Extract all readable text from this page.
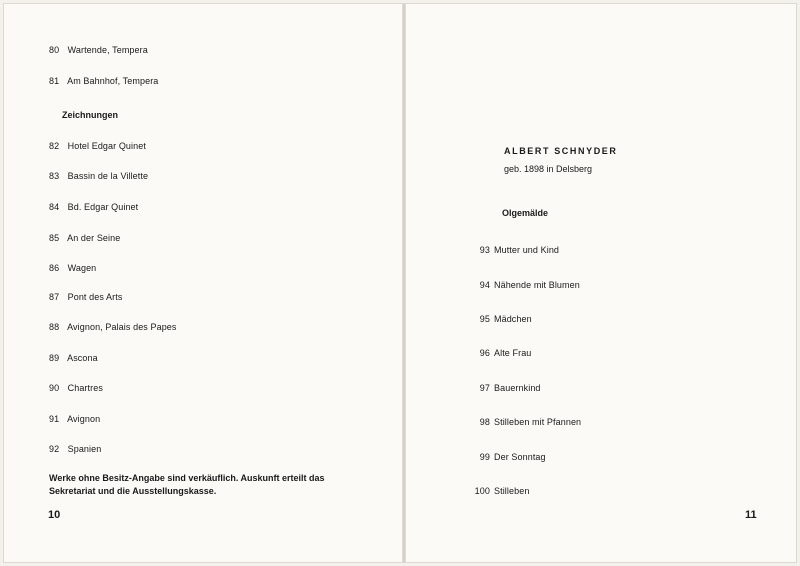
80 Wartende, Tempera
81 Am Bahnhof, Tempera
Zeichnungen
82 Hotel Edgar Quinet
83 Bassin de la Villette
84 Bd. Edgar Quinet
85 An der Seine
86 Wagen
87 Pont des Arts
88 Avignon, Palais des Papes
89 Ascona
90 Chartres
91 Avignon
92 Spanien
Werke ohne Besitz-Angabe sind verkäuflich. Auskunft erteilt das Sekretariat und die Ausstellungskasse.
10
ALBERT SCHNYDER
geb. 1898 in Delsberg
Olgemälde
93 Mutter und Kind
94 Nähende mit Blumen
95 Mädchen
96 Alte Frau
97 Bauernkind
98 Stilleben mit Pfannen
99 Der Sonntag
100 Stilleben
11
